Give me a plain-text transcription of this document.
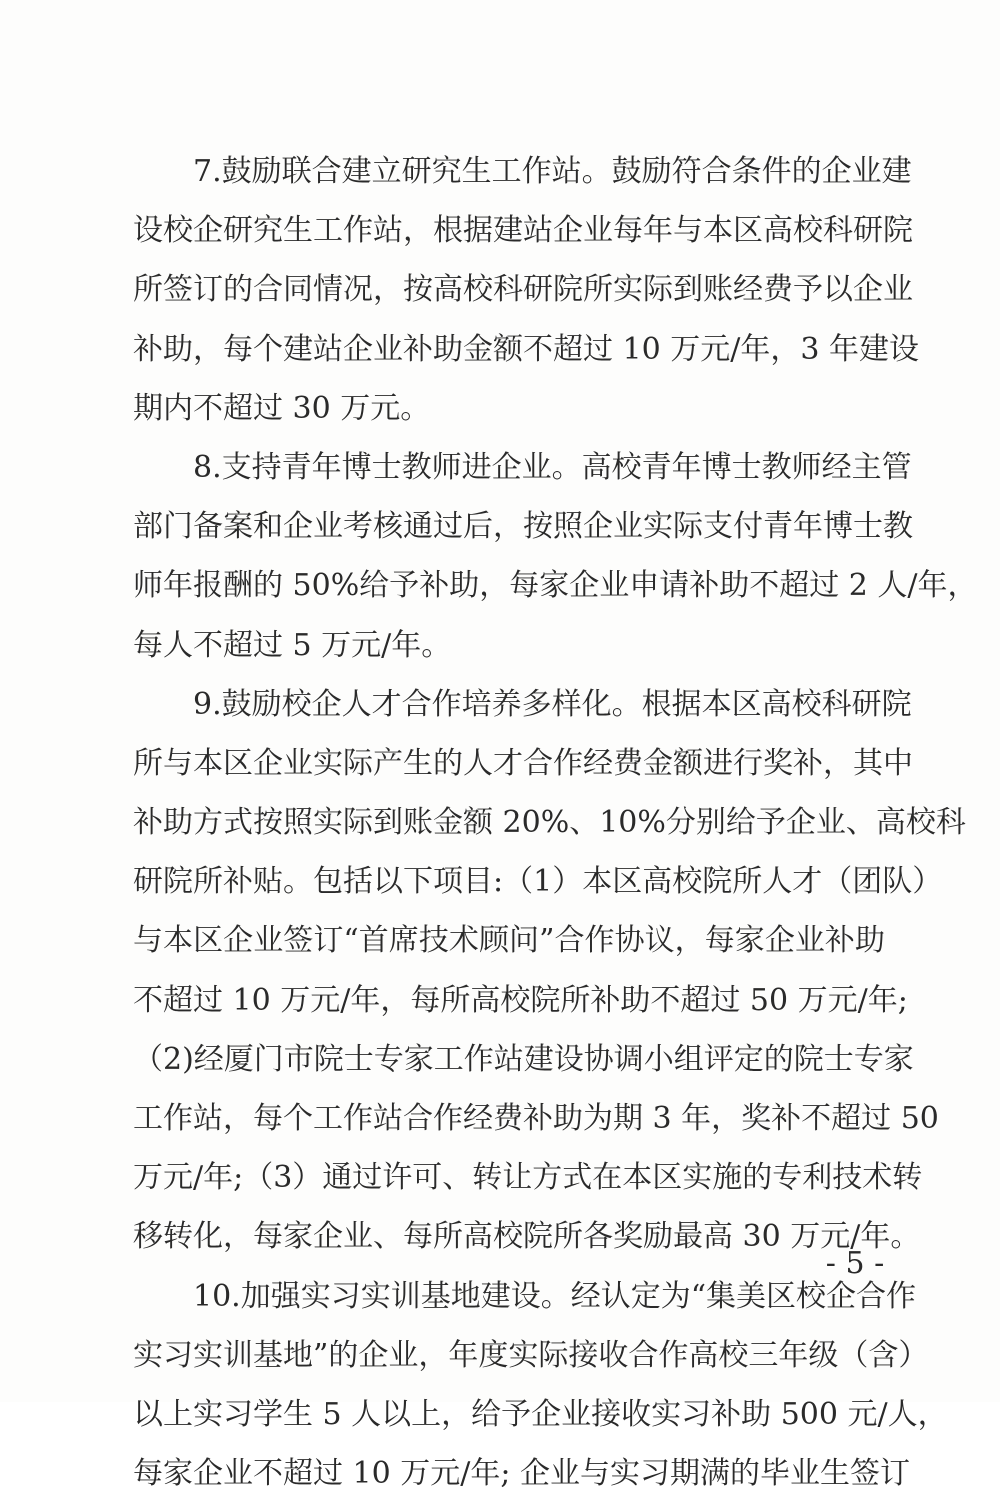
7.鼓励联合建立研究生工作站。鼓励符合条件的企业建
设校企研究生工作站，根据建站企业每年与本区高校科研院
所签订的合同情况，按高校科研院所实际到账经费予以企业
补助，每个建站企业补助金额不超过 10 万元/年，3 年建设
期内不超过 30 万元。
8.支持青年博士教师进企业。高校青年博士教师经主管
部门备案和企业考核通过后，按照企业实际支付青年博士教
师年报酬的 50%给予补助，每家企业申请补助不超过 2 人/年，
每人不超过 5 万元/年。
9.鼓励校企人才合作培养多样化。根据本区高校科研院
所与本区企业实际产生的人才合作经费金额进行奖补，其中
补助方式按照实际到账金额 20%、10%分别给予企业、高校科
研院所补贴。包括以下项目:（1）本区高校院所人才（团队）
与本区企业签订“首席技术顾问”合作协议，每家企业补助
不超过 10 万元/年，每所高校院所补助不超过 50 万元/年;
（2)经厦门市院士专家工作站建设协调小组评定的院士专家
工作站，每个工作站合作经费补助为期 3 年，奖补不超过 50
万元/年;（3）通过许可、转让方式在本区实施的专利技术转
移转化，每家企业、每所高校院所各奖励最高 30 万元/年。
10.加强实习实训基地建设。经认定为“集美区校企合作
实习实训基地”的企业，年度实际接收合作高校三年级（含）
以上实习学生 5 人以上，给予企业接收实习补助 500 元/人，
每家企业不超过 10 万元/年; 企业与实习期满的毕业生签订
- 5 -
